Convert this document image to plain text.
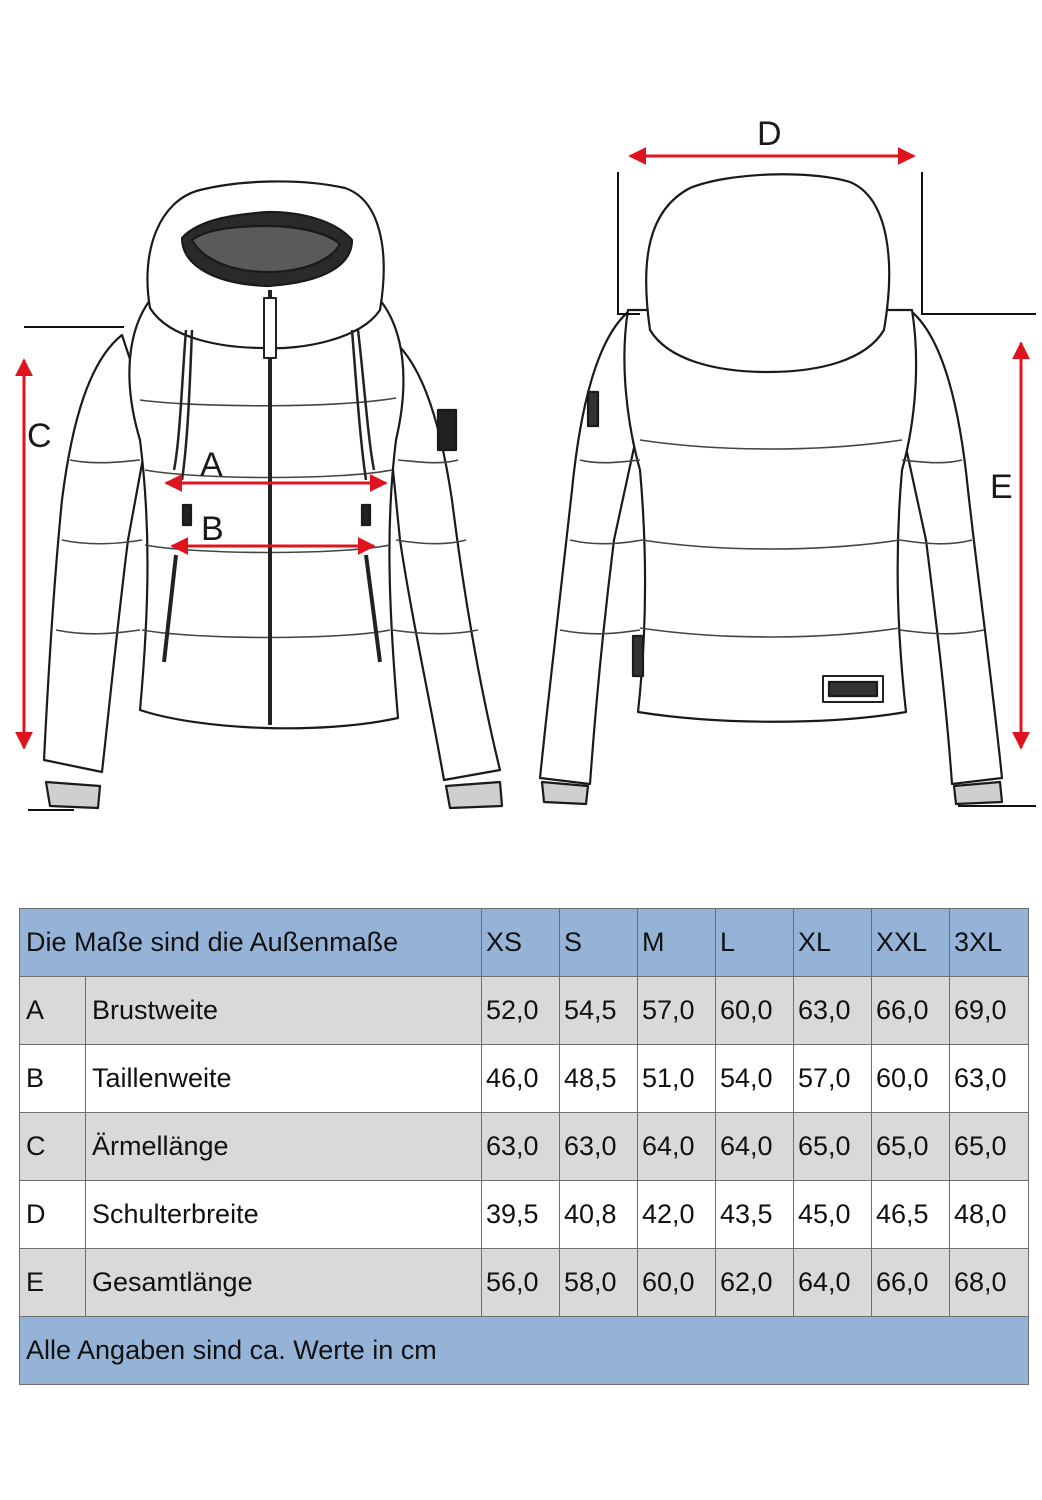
C
A
B
D
E
Die Maße sind die Außenmaße		XS	S	M	L	XL	XXL	3XL
A	Brustweite	52,0	54,5	57,0	60,0	63,0	66,0	69,0
B	Taillenweite	46,0	48,5	51,0	54,0	57,0	60,0	63,0
C	Ärmellänge	63,0	63,0	64,0	64,0	65,0	65,0	65,0
D	Schulterbreite	39,5	40,8	42,0	43,5	45,0	46,5	48,0
E	Gesamtlänge	56,0	58,0	60,0	62,0	64,0	66,0	68,0
Alle Angaben sind ca. Werte in cm								
